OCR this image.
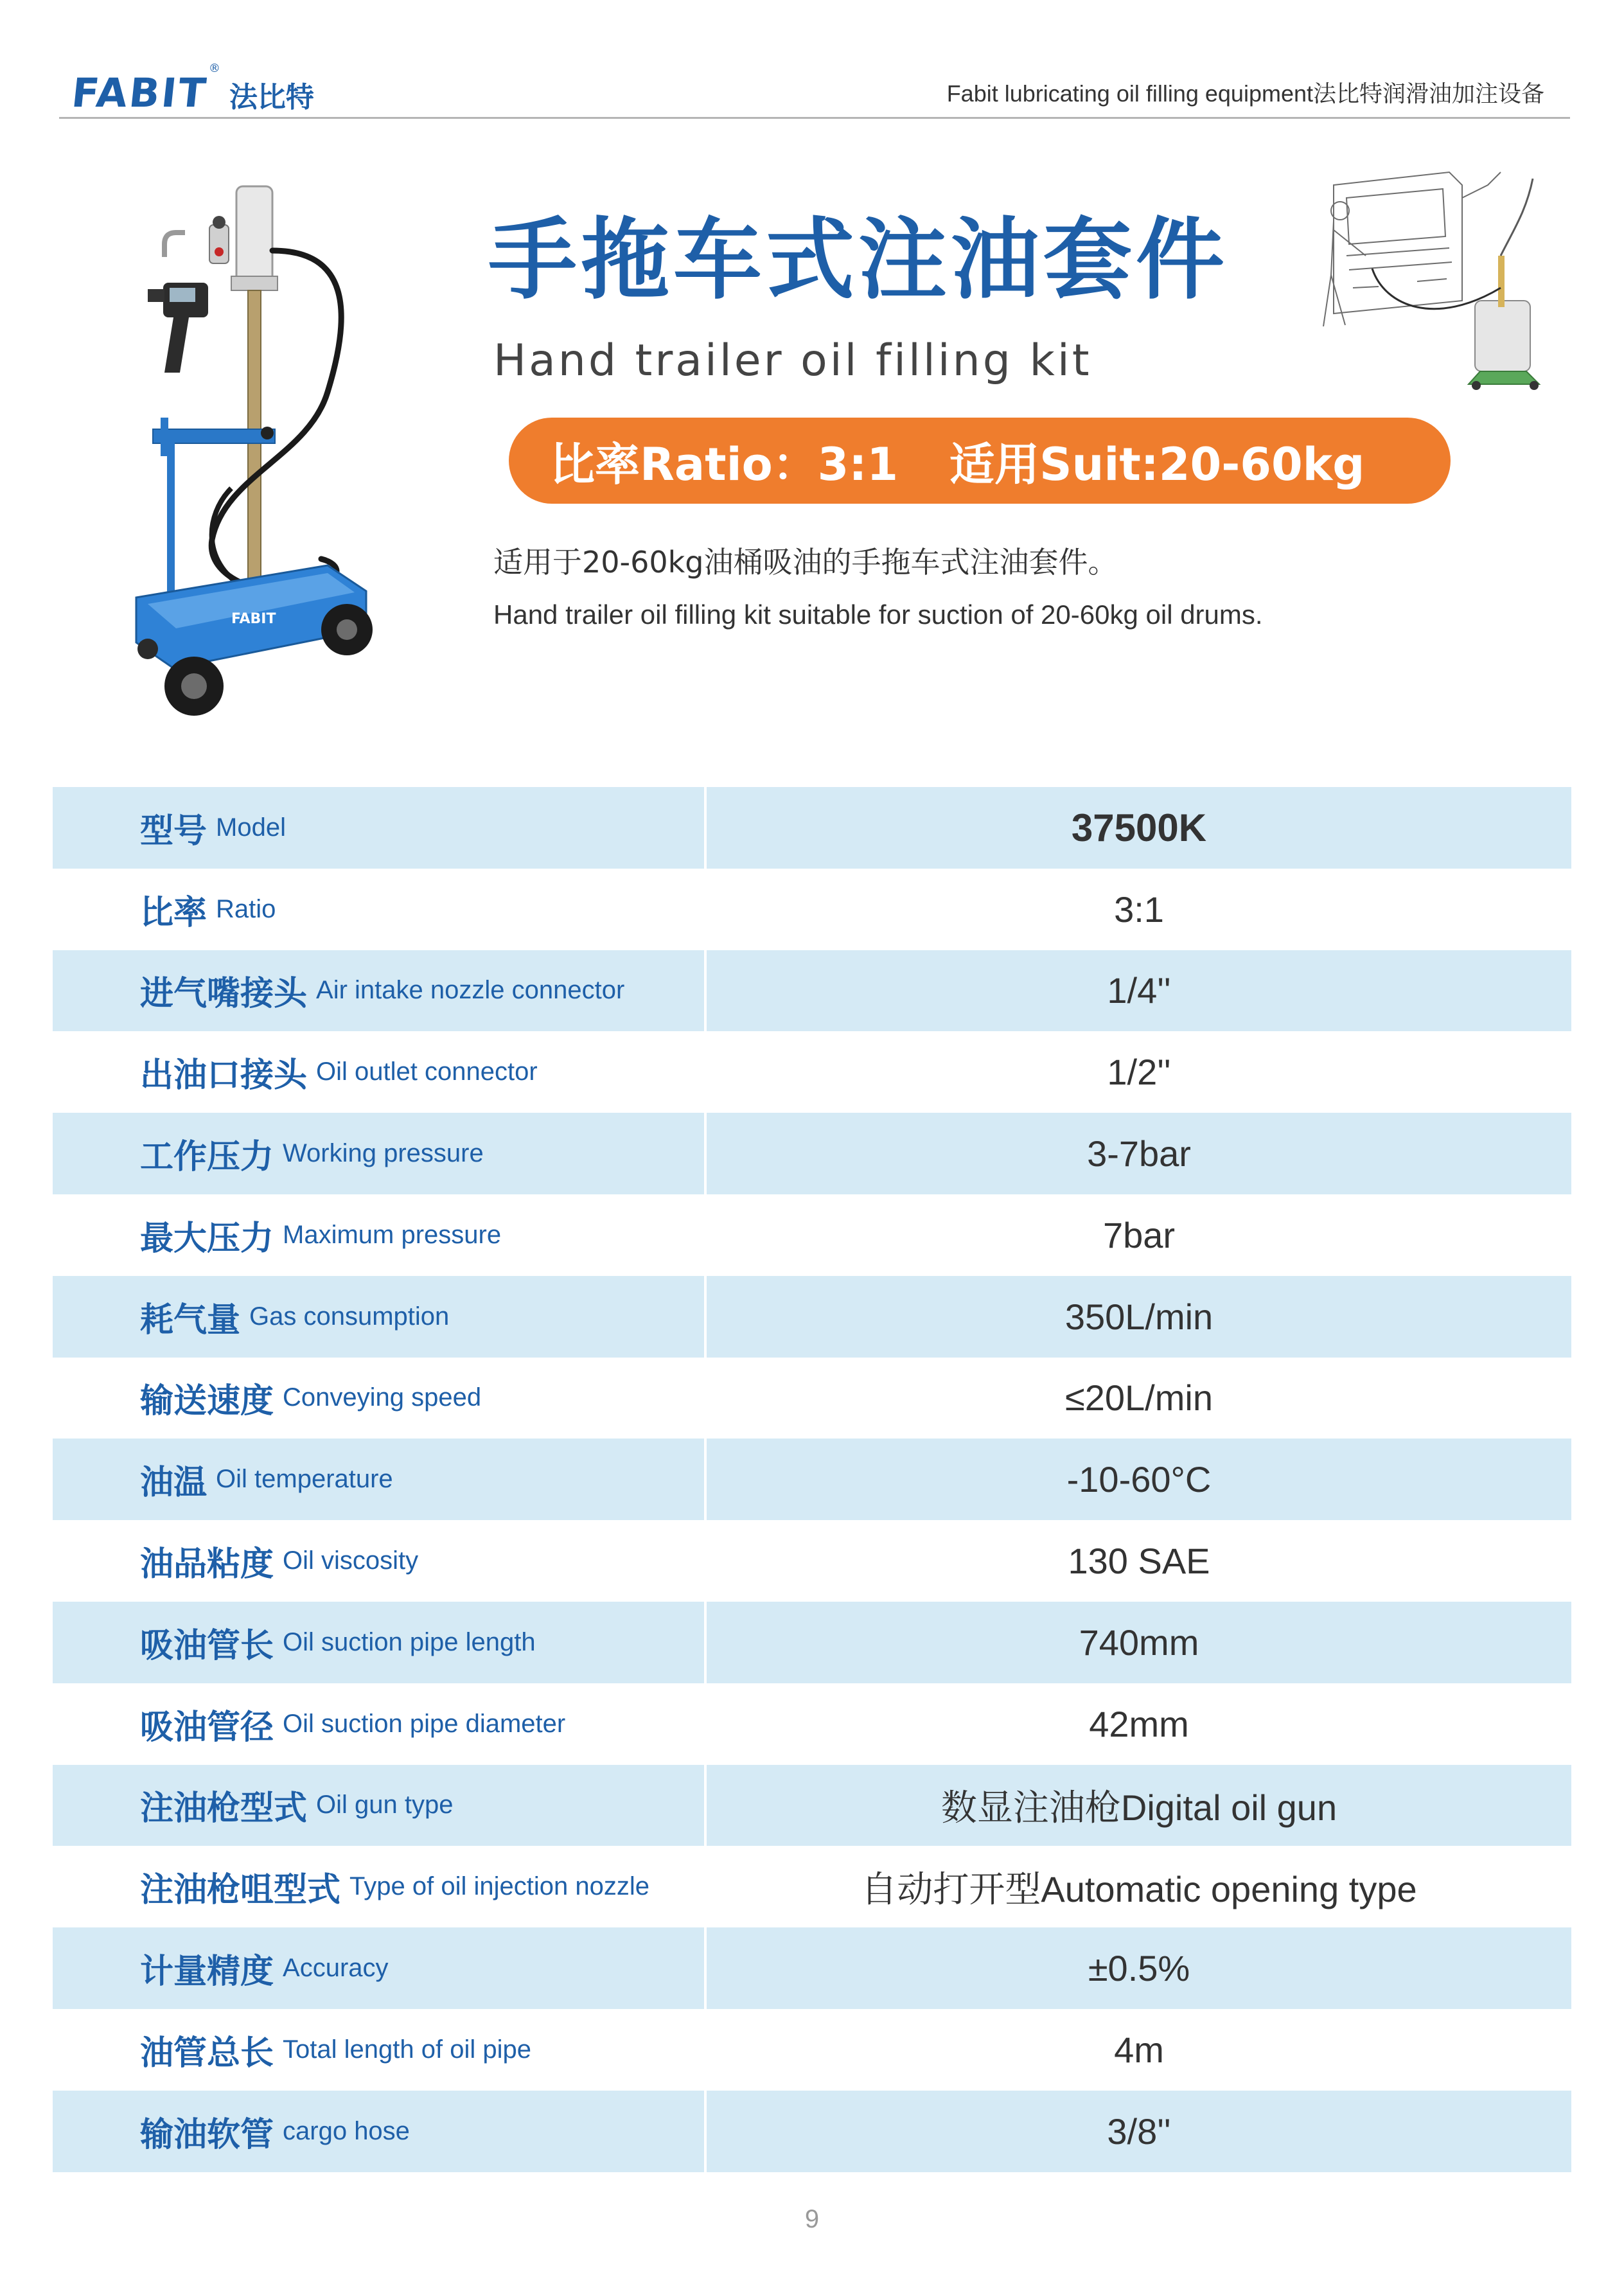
FABIT
®
法比特	Fabit lubricating oil filling equipment法比特润滑油加注设备
FABIT
手拖车式注油套件
Hand trailer oil filling kit
比率Ratio：3:1 适用Suit:20-60kg
适用于20-60kg油桶吸油的手拖车式注油套件。
Hand trailer oil filling kit suitable for suction of 20-60kg oil drums.
型号 Model	37500K
比率 Ratio	3:1
进气嘴接头 Air intake nozzle connector	1/4''
出油口接头 Oil outlet connector	1/2''
工作压力 Working pressure	3-7bar
最大压力 Maximum pressure	7bar
耗气量 Gas consumption	350L/min
输送速度 Conveying speed	≤20L/min
油温 Oil temperature	-10-60°C
油品粘度 Oil viscosity	130 SAE
吸油管长 Oil suction pipe length	740mm
吸油管径 Oil suction pipe diameter	42mm
注油枪型式 Oil gun type	数显注油枪Digital oil gun
注油枪咀型式 Type of oil injection nozzle	自动打开型Automatic opening type
计量精度 Accuracy	±0.5%
油管总长 Total length of oil pipe	4m
输油软管 cargo hose	3/8''
9
